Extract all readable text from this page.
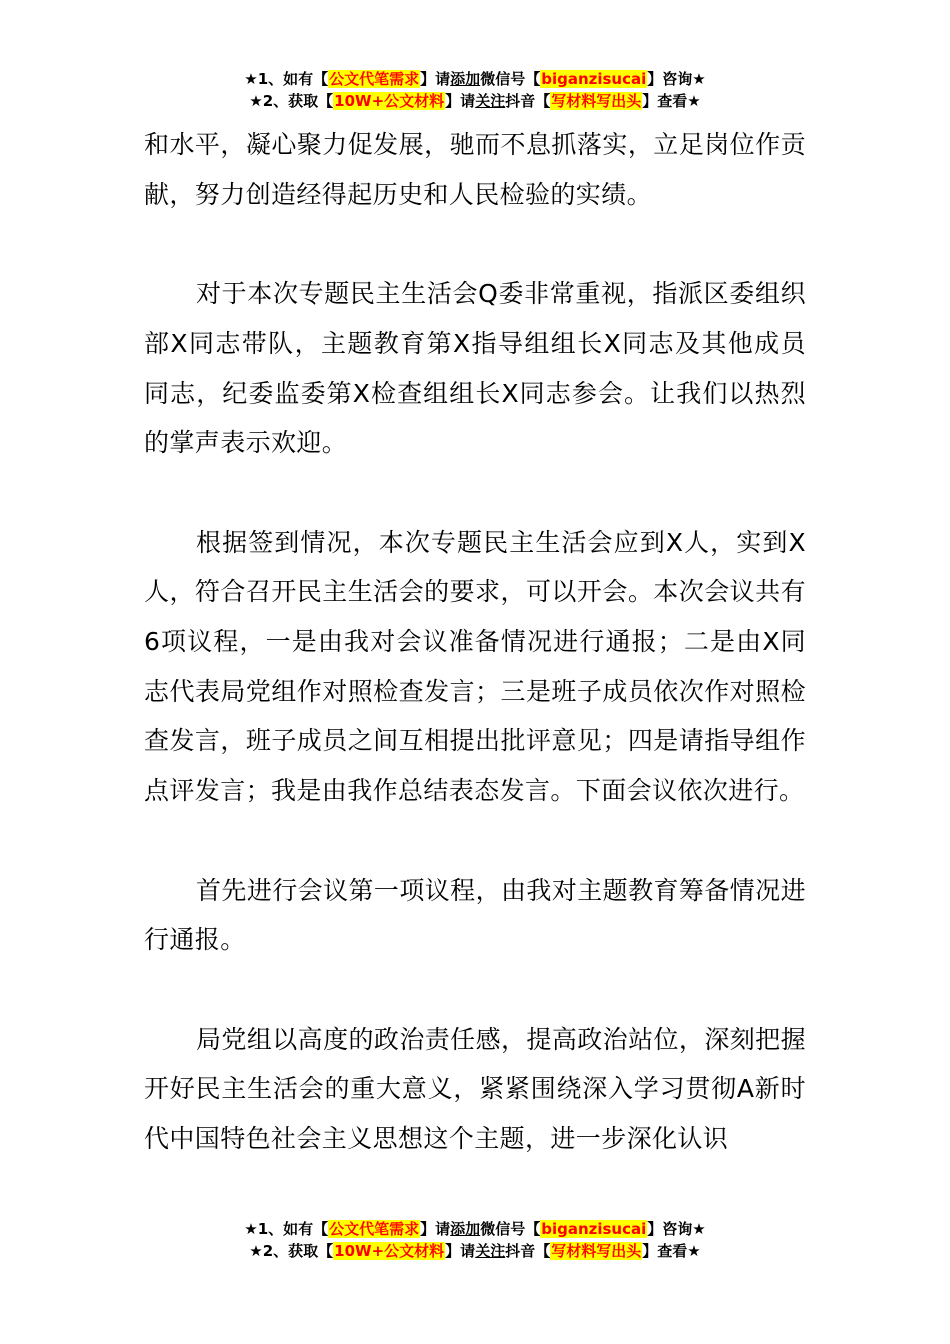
★1、如有【公文代笔需求】请添加微信号【biganzisucai】咨询★
★2、获取【10W+公文材料】请关注抖音【写材料写出头】查看★

和水平，凝心聚力促发展，驰而不息抓落实，立足岗位作贡献，努力创造经得起历史和人民检验的实绩。

对于本次专题民主生活会Q委非常重视，指派区委组织部X同志带队，主题教育第X指导组组长X同志及其他成员同志，纪委监委第X检查组组长X同志参会。让我们以热烈的掌声表示欢迎。

根据签到情况，本次专题民主生活会应到X人，实到X人，符合召开民主生活会的要求，可以开会。本次会议共有6项议程，一是由我对会议准备情况进行通报；二是由X同志代表局党组作对照检查发言；三是班子成员依次作对照检查发言，班子成员之间互相提出批评意见；四是请指导组作点评发言；我是由我作总结表态发言。下面会议依次进行。

首先进行会议第一项议程，由我对主题教育筹备情况进行通报。

局党组以高度的政治责任感，提高政治站位，深刻把握开好民主生活会的重大意义，紧紧围绕深入学习贯彻A新时代中国特色社会主义思想这个主题，进一步深化认识

★1、如有【公文代笔需求】请添加微信号【biganzisucai】咨询★
★2、获取【10W+公文材料】请关注抖音【写材料写出头】查看★
